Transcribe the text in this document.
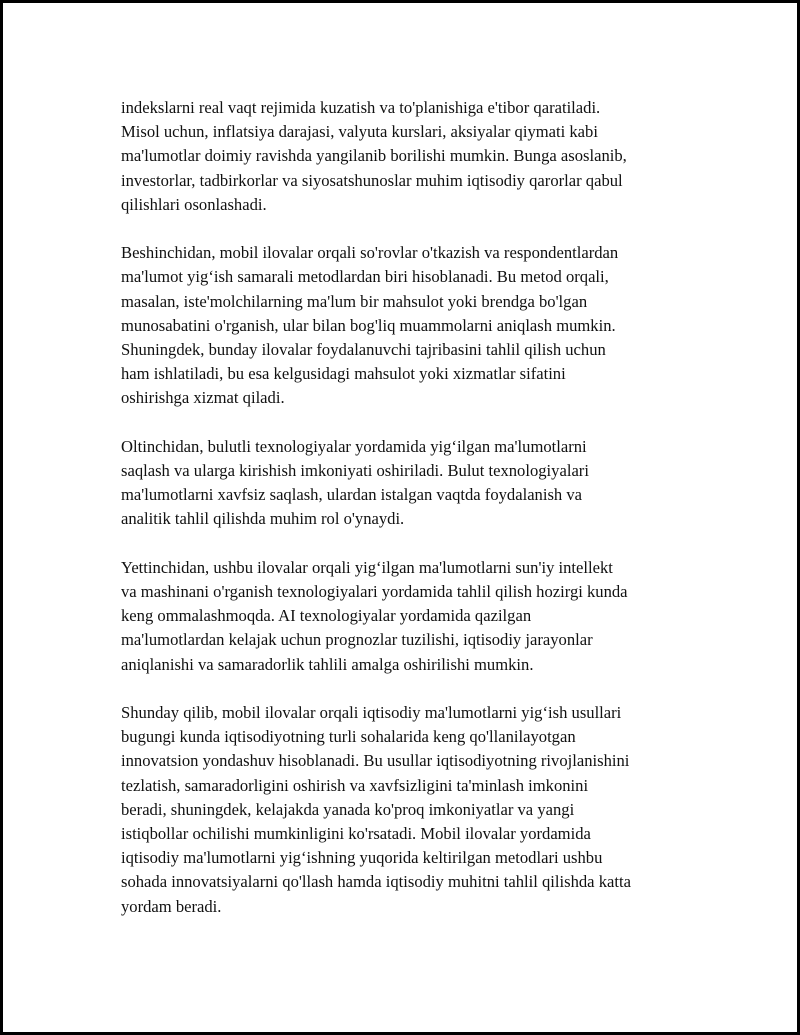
indekslarni real vaqt rejimida kuzatish va to'planishiga e'tibor qaratiladi.
Misol uchun, inflatsiya darajasi, valyuta kurslari, aksiyalar qiymati kabi
ma'lumotlar doimiy ravishda yangilanib borilishi mumkin. Bunga asoslanib,
investorlar, tadbirkorlar va siyosatshunoslar muhim iqtisodiy qarorlar qabul
qilishlari osonlashadi.

Beshinchidan, mobil ilovalar orqali so'rovlar o'tkazish va respondentlardan
ma'lumot yig‘ish samarali metodlardan biri hisoblanadi. Bu metod orqali,
masalan, iste'molchilarning ma'lum bir mahsulot yoki brendga bo'lgan
munosabatini o'rganish, ular bilan bog'liq muammolarni aniqlash mumkin.
Shuningdek, bunday ilovalar foydalanuvchi tajribasini tahlil qilish uchun
ham ishlatiladi, bu esa kelgusidagi mahsulot yoki xizmatlar sifatini
oshirishga xizmat qiladi.

Oltinchidan, bulutli texnologiyalar yordamida yig‘ilgan ma'lumotlarni
saqlash va ularga kirishish imkoniyati oshiriladi. Bulut texnologiyalari
ma'lumotlarni xavfsiz saqlash, ulardan istalgan vaqtda foydalanish va
analitik tahlil qilishda muhim rol o'ynaydi.

Yettinchidan, ushbu ilovalar orqali yig‘ilgan ma'lumotlarni sun'iy intellekt
va mashinani o'rganish texnologiyalari yordamida tahlil qilish hozirgi kunda
keng ommalashmoqda. AI texnologiyalar yordamida qazilgan
ma'lumotlardan kelajak uchun prognozlar tuzilishi, iqtisodiy jarayonlar
aniqlanishi va samaradorlik tahlili amalga oshirilishi mumkin.

Shunday qilib, mobil ilovalar orqali iqtisodiy ma'lumotlarni yig‘ish usullari
bugungi kunda iqtisodiyotning turli sohalarida keng qo'llanilayotgan
innovatsion yondashuv hisoblanadi. Bu usullar iqtisodiyotning rivojlanishini
tezlatish, samaradorligini oshirish va xavfsizligini ta'minlash imkonini
beradi, shuningdek, kelajakda yanada ko'proq imkoniyatlar va yangi
istiqbollar ochilishi mumkinligini ko'rsatadi. Mobil ilovalar yordamida
iqtisodiy ma'lumotlarni yig‘ishning yuqorida keltirilgan metodlari ushbu
sohada innovatsiyalarni qo'llash hamda iqtisodiy muhitni tahlil qilishda katta
yordam beradi.
